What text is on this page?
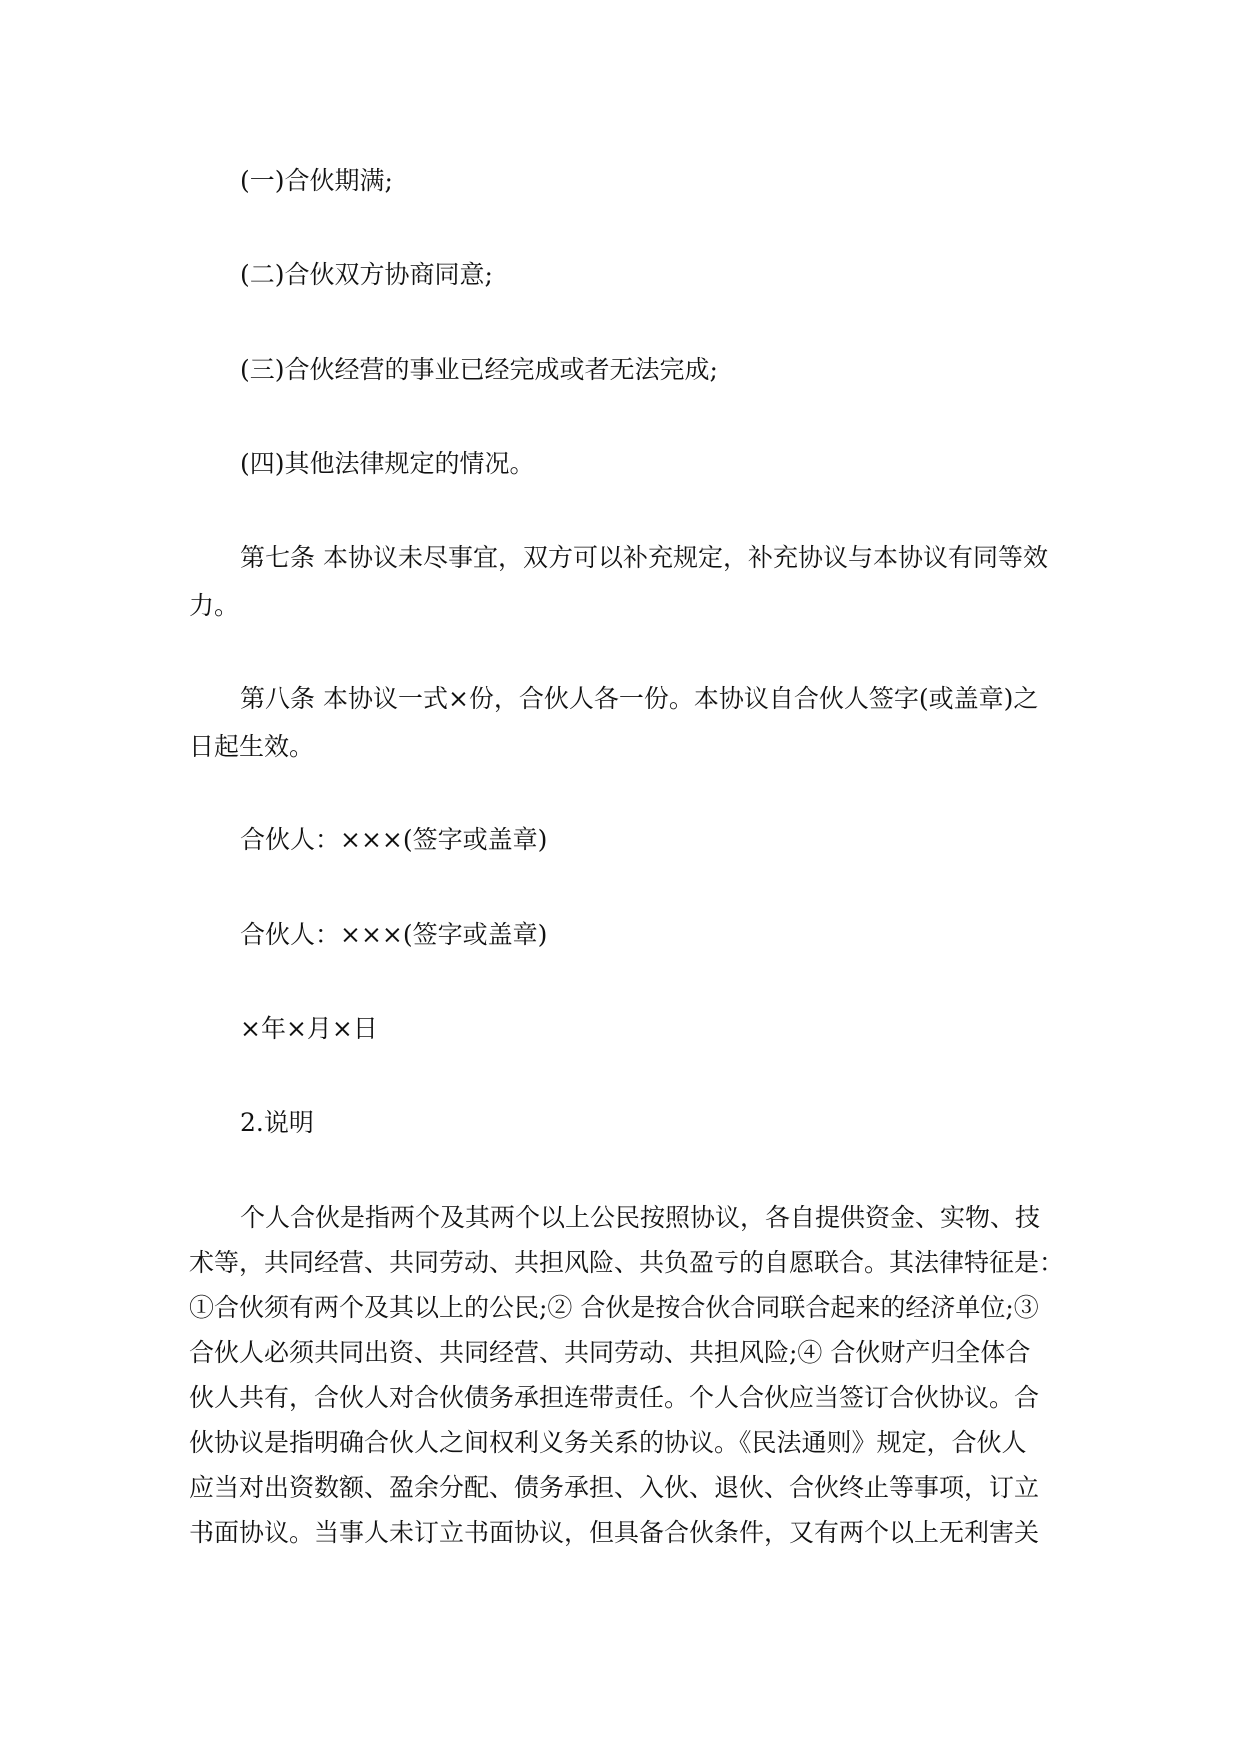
(一)合伙期满;

(二)合伙双方协商同意;

(三)合伙经营的事业已经完成或者无法完成;

(四)其他法律规定的情况。

第七条 本协议未尽事宜，双方可以补充规定，补充协议与本协议有同等效
力。
第八条 本协议一式×份，合伙人各一份。本协议自合伙人签字(或盖章)之
日起生效。

合伙人：×××(签字或盖章)

合伙人：×××(签字或盖章)

×年×月×日

2.说明

个人合伙是指两个及其两个以上公民按照协议，各自提供资金、实物、技
术等，共同经营、共同劳动、共担风险、共负盈亏的自愿联合。其法律特征是：
①合伙须有两个及其以上的公民;② 合伙是按合伙合同联合起来的经济单位;③
合伙人必须共同出资、共同经营、共同劳动、共担风险;④ 合伙财产归全体合
伙人共有，合伙人对合伙债务承担连带责任。个人合伙应当签订合伙协议。合
伙协议是指明确合伙人之间权利义务关系的协议。《民法通则》规定，合伙人
应当对出资数额、盈余分配、债务承担、入伙、退伙、合伙终止等事项，订立
书面协议。当事人未订立书面协议，但具备合伙条件，又有两个以上无利害关
